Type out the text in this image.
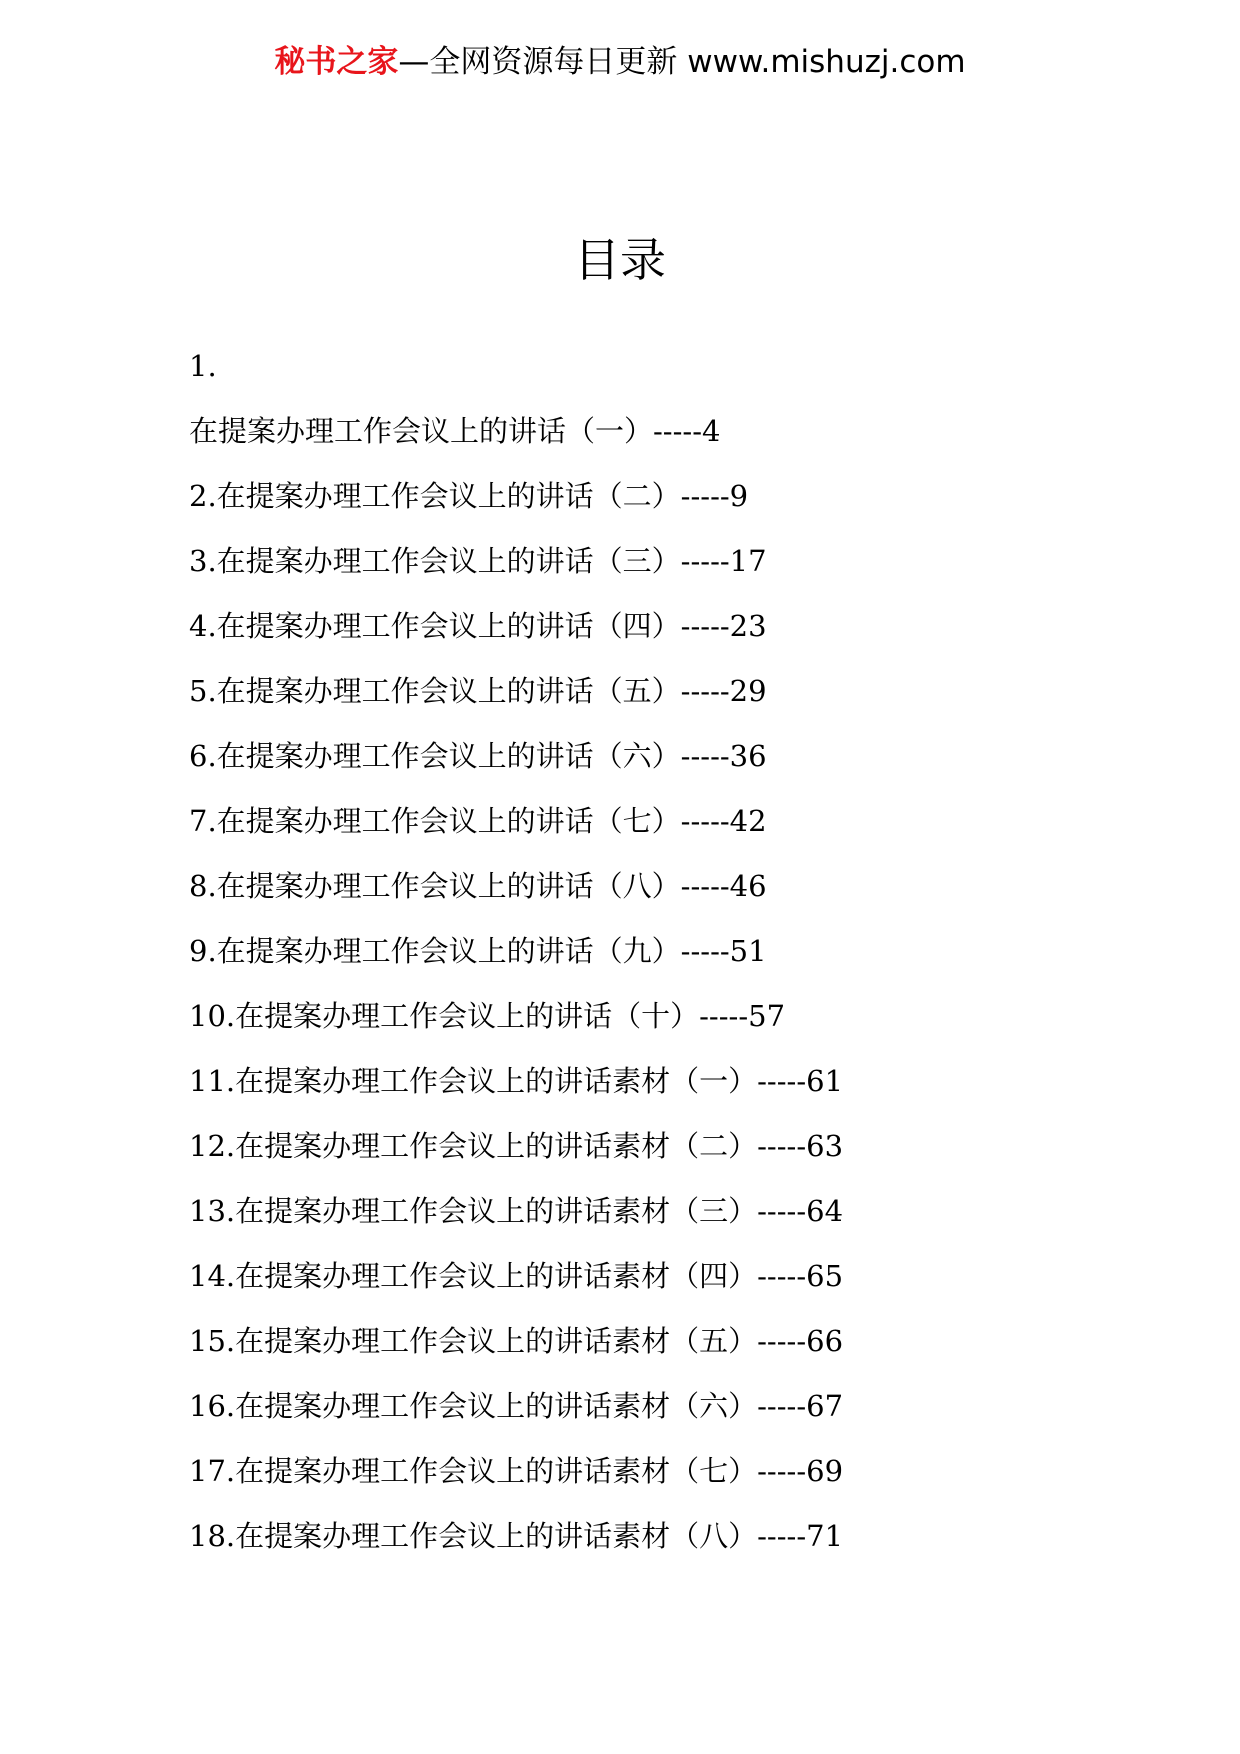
秘书之家—全网资源每日更新 www.mishuzj.com
目录
1.
在提案办理工作会议上的讲话（一）-----4
2.在提案办理工作会议上的讲话（二）-----9
3.在提案办理工作会议上的讲话（三）-----17
4.在提案办理工作会议上的讲话（四）-----23
5.在提案办理工作会议上的讲话（五）-----29
6.在提案办理工作会议上的讲话（六）-----36
7.在提案办理工作会议上的讲话（七）-----42
8.在提案办理工作会议上的讲话（八）-----46
9.在提案办理工作会议上的讲话（九）-----51
10.在提案办理工作会议上的讲话（十）-----57
11.在提案办理工作会议上的讲话素材（一）-----61
12.在提案办理工作会议上的讲话素材（二）-----63
13.在提案办理工作会议上的讲话素材（三）-----64
14.在提案办理工作会议上的讲话素材（四）-----65
15.在提案办理工作会议上的讲话素材（五）-----66
16.在提案办理工作会议上的讲话素材（六）-----67
17.在提案办理工作会议上的讲话素材（七）-----69
18.在提案办理工作会议上的讲话素材（八）-----71
